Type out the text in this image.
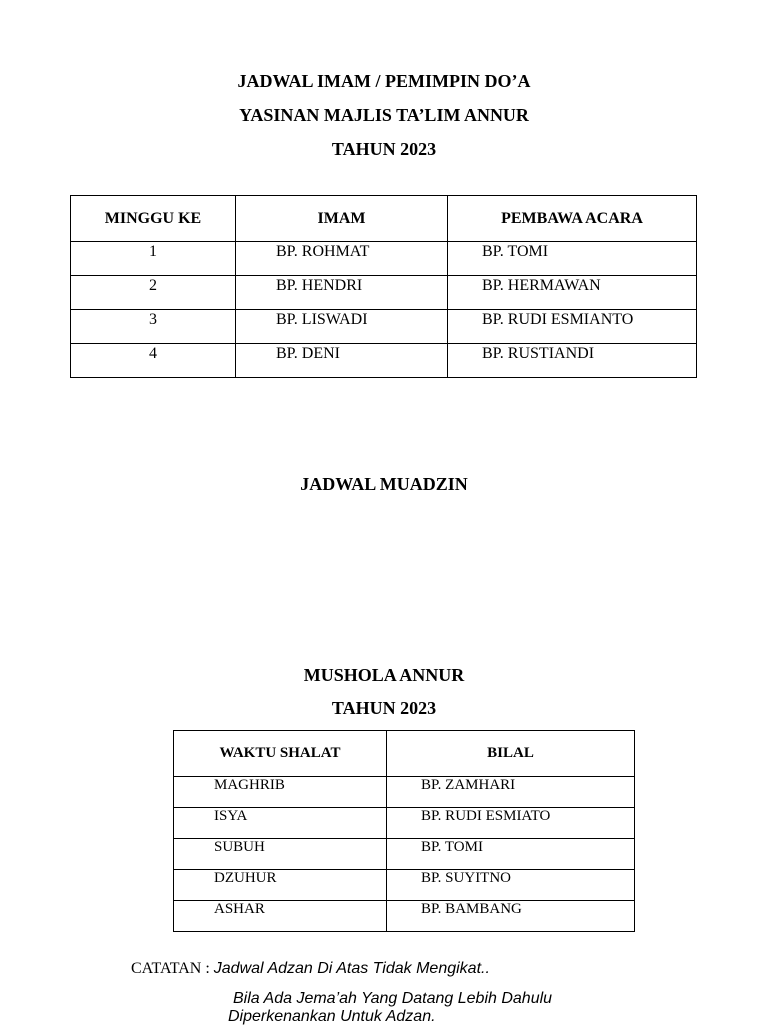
JADWAL IMAM / PEMIMPIN DO’A
YASINAN MAJLIS TA’LIM ANNUR
TAHUN 2023
MINGGU KE	IMAM	PEMBAWA ACARA
1	BP. ROHMAT	BP. TOMI
2	BP. HENDRI	BP. HERMAWAN
3	BP. LISWADI	BP. RUDI ESMIANTO
4	BP. DENI	BP. RUSTIANDI
JADWAL MUADZIN
MUSHOLA ANNUR
TAHUN 2023
WAKTU SHALAT	BILAL
MAGHRIB	BP. ZAMHARI
ISYA	BP. RUDI ESMIATO
SUBUH	BP. TOMI
DZUHUR	BP. SUYITNO
ASHAR	BP. BAMBANG
CATATAN : Jadwal Adzan Di Atas Tidak Mengikat..
Bila Ada Jema’ah Yang Datang Lebih Dahulu
Diperkenankan Untuk Adzan.
